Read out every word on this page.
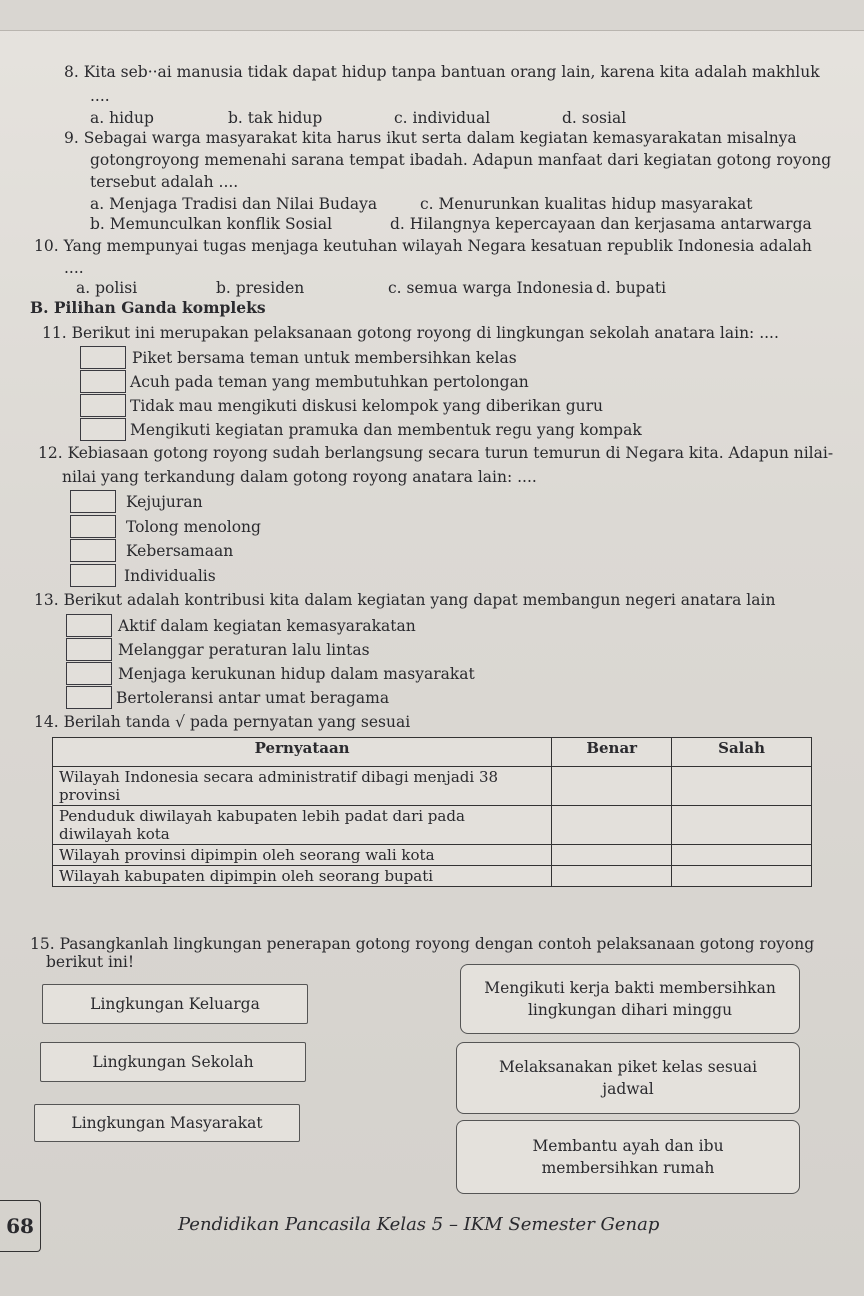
8. Kita seb··ai manusia tidak dapat hidup tanpa bantuan orang lain, karena kita adalah makhluk
....
a. hidup	b. tak hidup	c. individual	d. sosial
9. Sebagai warga masyarakat kita harus ikut serta dalam kegiatan kemasyarakatan misalnya
gotongroyong memenahi sarana tempat ibadah. Adapun manfaat dari kegiatan gotong royong
tersebut adalah ....
a. Menjaga Tradisi dan Nilai Budaya	c. Menurunkan kualitas hidup masyarakat
b. Memunculkan konflik Sosial	d. Hilangnya kepercayaan dan kerjasama antarwarga
10. Yang mempunyai tugas menjaga keutuhan wilayah Negara kesatuan republik Indonesia adalah
....
a. polisi	b. presiden	c. semua warga Indonesia d. bupati
B. Pilihan Ganda kompleks
11. Berikut ini merupakan pelaksanaan gotong royong di lingkungan sekolah anatara lain: ....
Piket bersama teman untuk membersihkan kelas
Acuh pada teman yang membutuhkan pertolongan
Tidak mau mengikuti diskusi kelompok yang diberikan guru
Mengikuti kegiatan pramuka dan membentuk regu yang kompak
12. Kebiasaan gotong royong sudah berlangsung secara turun temurun di Negara kita. Adapun nilai-
nilai yang terkandung dalam gotong royong anatara lain: ....
Kejujuran
Tolong menolong
Kebersamaan
Individualis
13. Berikut adalah kontribusi kita dalam kegiatan yang dapat membangun negeri anatara lain
Aktif dalam kegiatan kemasyarakatan
Melanggar peraturan lalu lintas
Menjaga kerukunan hidup dalam masyarakat
Bertoleransi antar umat beragama
14. Berilah tanda √ pada pernyatan yang sesuai
Pernyataan	Benar	Salah

Wilayah Indonesia secara administratif dibagi menjadi 38
provinsi		

Penduduk diwilayah kabupaten lebih padat dari pada
diwilayah kota		

Wilayah provinsi dipimpin oleh seorang wali kota		

Wilayah kabupaten dipimpin oleh seorang bupati		

15. Pasangkanlah lingkungan penerapan gotong royong dengan contoh pelaksanaan gotong royong
berikut ini!
Lingkungan Keluarga
Lingkungan Sekolah
Lingkungan Masyarakat
Mengikuti kerja bakti membersihkan
lingkungan dihari minggu
Melaksanakan piket kelas sesuai
jadwal
Membantu ayah dan ibu
membersihkan rumah
68	Pendidikan Pancasila Kelas 5 – IKM Semester Genap
